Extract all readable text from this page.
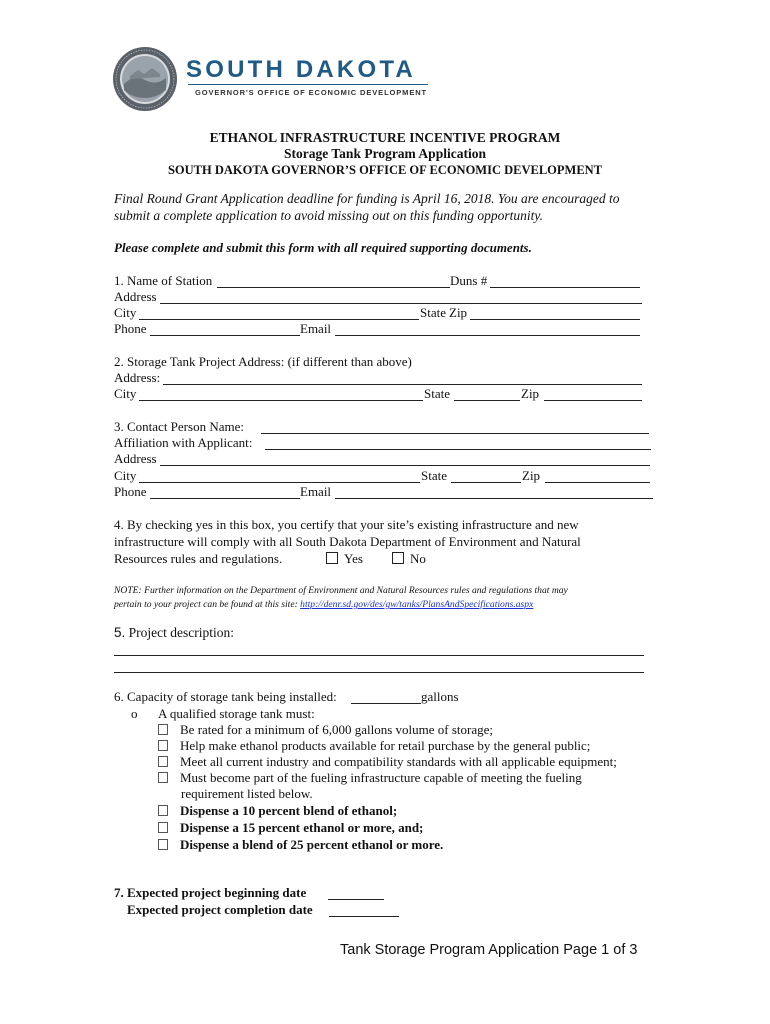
SOUTH DAKOTA
GOVERNOR'S OFFICE OF ECONOMIC DEVELOPMENT
ETHANOL INFRASTRUCTURE INCENTIVE PROGRAM
Storage Tank Program Application
SOUTH DAKOTA GOVERNOR’S OFFICE OF ECONOMIC DEVELOPMENT
Final Round Grant Application deadline for funding is April 16, 2018. You are encouraged to
submit a complete application to avoid missing out on this funding opportunity.
Please complete and submit this form with all required supporting documents.
1. Name of Station	Duns #
Address
City	State Zip
Phone	Email
2. Storage Tank Project Address: (if different than above)
Address:
City	State	Zip
3. Contact Person Name:
Affiliation with Applicant:
Address
City	State	Zip
Phone	Email
4. By checking yes in this box, you certify that your site’s existing infrastructure and new
infrastructure will comply with all South Dakota Department of Environment and Natural
Resources rules and regulations.	Yes	No
NOTE: Further information on the Department of Environment and Natural Resources rules and regulations that may
pertain to your project can be found at this site: http://denr.sd.gov/des/gw/tanks/PlansAndSpecifications.aspx
5. Project description:
6. Capacity of storage tank being installed:	gallons
o A qualified storage tank must:
Be rated for a minimum of 6,000 gallons volume of storage;
Help make ethanol products available for retail purchase by the general public;
Meet all current industry and compatibility standards with all applicable equipment;
Must become part of the fueling infrastructure capable of meeting the fueling
requirement listed below.
Dispense a 10 percent blend of ethanol;
Dispense a 15 percent ethanol or more, and;
Dispense a blend of 25 percent ethanol or more.
7. Expected project beginning date
Expected project completion date
Tank Storage Program Application Page 1 of 3
